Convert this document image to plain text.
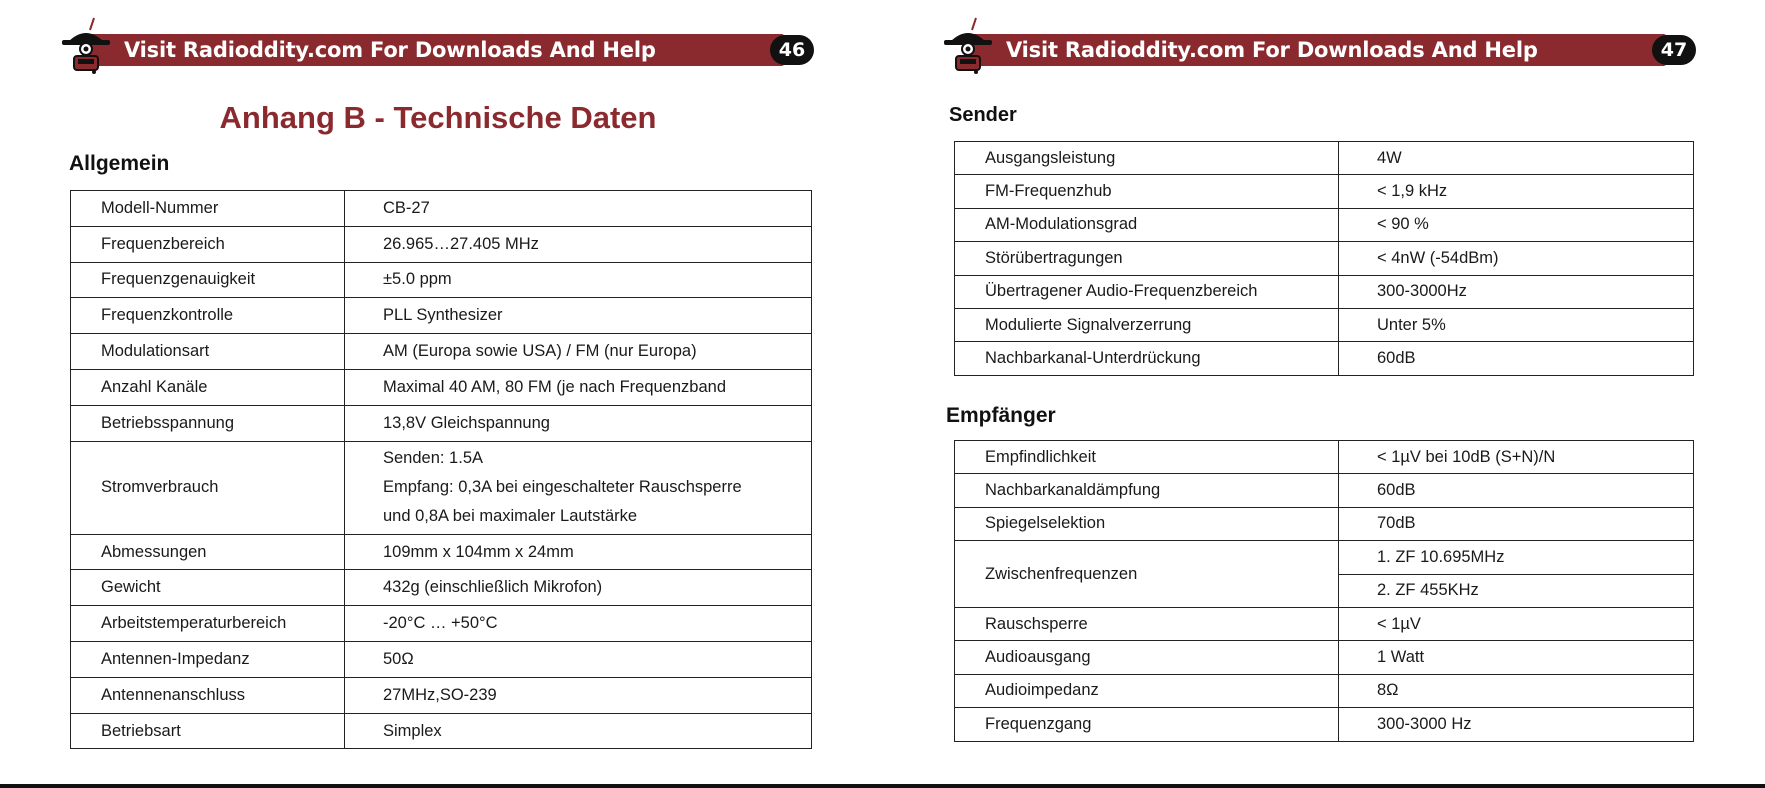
Visit Radioddity.com For Downloads And Help	46
Anhang B - Technische Daten
Allgemein
Modell-Nummer	CB-27
Frequenzbereich	26.965…27.405 MHz
Frequenzgenauigkeit	±5.0 ppm
Frequenzkontrolle	PLL Synthesizer
Modulationsart	AM (Europa sowie USA) / FM (nur Europa)
Anzahl Kanäle	Maximal 40 AM, 80 FM (je nach Frequenzband
Betriebsspannung	13,8V Gleichspannung
Stromverbrauch	Senden: 1.5A
Empfang: 0,3A bei eingeschalteter Rauschsperre
und 0,8A bei maximaler Lautstärke

Abmessungen	109mm x 104mm x 24mm
Gewicht	432g (einschließlich Mikrofon)
Arbeitstemperaturbereich	-20°C … +50°C
Antennen-Impedanz	50Ω
Antennenanschluss	27MHz,SO-239
Betriebsart	Simplex
Visit Radioddity.com For Downloads And Help	47
Sender
Ausgangsleistung	4W
FM-Frequenzhub	< 1,9 kHz
AM-Modulationsgrad	< 90 %
Störübertragungen	< 4nW (-54dBm)
Übertragener Audio-Frequenzbereich	300-3000Hz
Modulierte Signalverzerrung	Unter 5%
Nachbarkanal-Unterdrückung	60dB
Empfänger
Empfindlichkeit	< 1µV bei 10dB (S+N)/N
Nachbarkanaldämpfung	60dB
Spiegelselektion	70dB
Zwischenfrequenzen	1. ZF 10.695MHz
	2. ZF 455KHz
Rauschsperre	< 1µV
Audioausgang	1 Watt
Audioimpedanz	8Ω
Frequenzgang	300-3000 Hz
